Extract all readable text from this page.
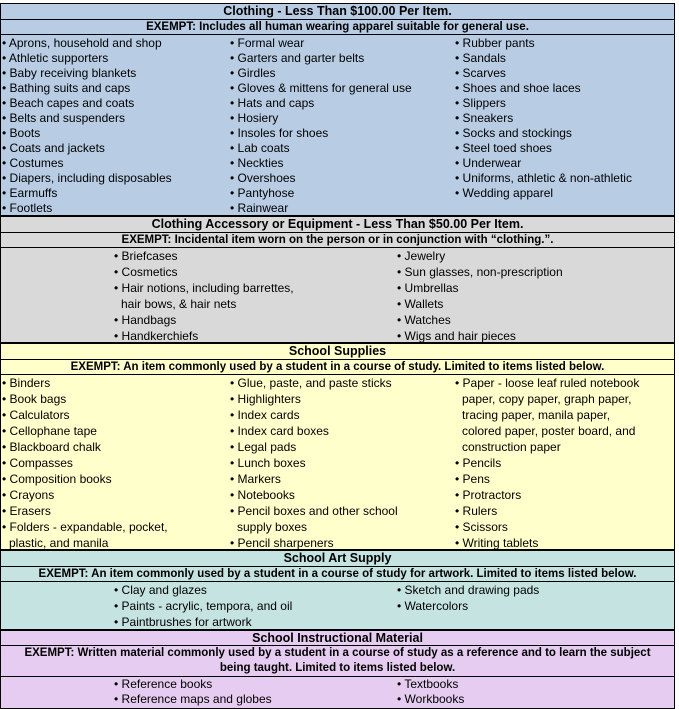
Clothing - Less Than $100.00 Per Item.
EXEMPT: Includes all human wearing apparel suitable for general use.
• Aprons, household and shop
• Athletic supporters
• Baby receiving blankets
• Bathing suits and caps
• Beach capes and coats
• Belts and suspenders
• Boots
• Coats and jackets
• Costumes
• Diapers, including disposables
• Earmuffs
• Footlets
• Formal wear
• Garters and garter belts
• Girdles
• Gloves & mittens for general use
• Hats and caps
• Hosiery
• Insoles for shoes
• Lab coats
• Neckties
• Overshoes
• Pantyhose
• Rainwear
• Rubber pants
• Sandals
• Scarves
• Shoes and shoe laces
• Slippers
• Sneakers
• Socks and stockings
• Steel toed shoes
• Underwear
• Uniforms, athletic & non-athletic
• Wedding apparel
Clothing Accessory or Equipment - Less Than $50.00 Per Item.
EXEMPT: Incidental item worn on the person or in conjunction with “clothing.”.
• Briefcases
• Cosmetics
• Hair notions, including barrettes,
hair bows, & hair nets
• Handbags
• Handkerchiefs
• Jewelry
• Sun glasses, non-prescription
• Umbrellas
• Wallets
• Watches
• Wigs and hair pieces
School Supplies
EXEMPT: An item commonly used by a student in a course of study. Limited to items listed below.
• Binders
• Book bags
• Calculators
• Cellophane tape
• Blackboard chalk
• Compasses
• Composition books
• Crayons
• Erasers
• Folders - expandable, pocket,
plastic, and manila
• Glue, paste, and paste sticks
• Highlighters
• Index cards
• Index card boxes
• Legal pads
• Lunch boxes
• Markers
• Notebooks
• Pencil boxes and other school
supply boxes
• Pencil sharpeners
• Paper - loose leaf ruled notebook
paper, copy paper, graph paper,
tracing paper, manila paper,
colored paper, poster board, and
construction paper
• Pencils
• Pens
• Protractors
• Rulers
• Scissors
• Writing tablets
School Art Supply
EXEMPT: An item commonly used by a student in a course of study for artwork. Limited to items listed below.
• Clay and glazes
• Paints - acrylic, tempora, and oil
• Paintbrushes for artwork
• Sketch and drawing pads
• Watercolors
School Instructional Material
EXEMPT: Written material commonly used by a student in a course of study as a reference and to learn the subject
being taught. Limited to items listed below.
• Reference books
• Reference maps and globes
• Textbooks
• Workbooks
